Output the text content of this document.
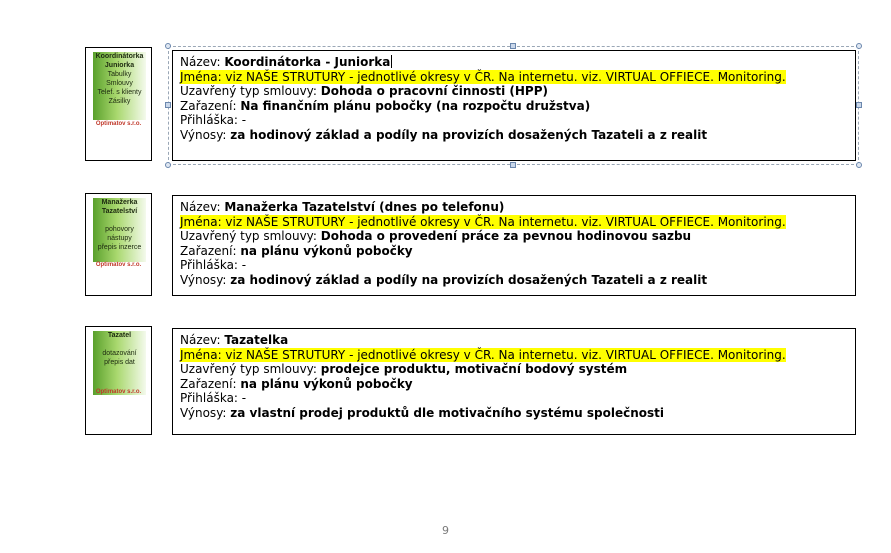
Koordinátorka
Juniorka
Tabulky
Smlouvy
Telef. s klienty
Zásilky
Optimatov s.r.o.
Název: Koordinátorka - Juniorka
Jména: viz NAŠE STRUTURY - jednotlivé okresy v ČR. Na internetu. viz. VIRTUAL OFFIECE. Monitoring.
Uzavřený typ smlouvy: Dohoda o pracovní činnosti (HPP)
Zařazení: Na finančním plánu pobočky (na rozpočtu družstva)
Přihláška: -
Výnosy: za hodinový základ a podíly na provizích dosažených Tazateli a z realit
Manažerka
Tazatelství
pohovory
nástupy
přepis inzerce
Optimatov s.r.o.
Název: Manažerka Tazatelství (dnes po telefonu)
Jména: viz NAŠE STRUTURY - jednotlivé okresy v ČR. Na internetu. viz. VIRTUAL OFFIECE. Monitoring.
Uzavřený typ smlouvy: Dohoda o provedení práce za pevnou hodinovou sazbu
Zařazení: na plánu výkonů pobočky
Přihláška: -
Výnosy: za hodinový základ a podíly na provizích dosažených Tazateli a z realit
Tazatel
dotazování
přepis dat
Optimatov s.r.o.
Název: Tazatelka
Jména: viz NAŠE STRUTURY - jednotlivé okresy v ČR. Na internetu. viz. VIRTUAL OFFIECE. Monitoring.
Uzavřený typ smlouvy: prodejce produktu, motivační bodový systém
Zařazení: na plánu výkonů pobočky
Přihláška: -
Výnosy: za vlastní prodej produktů dle motivačního systému společnosti
9
